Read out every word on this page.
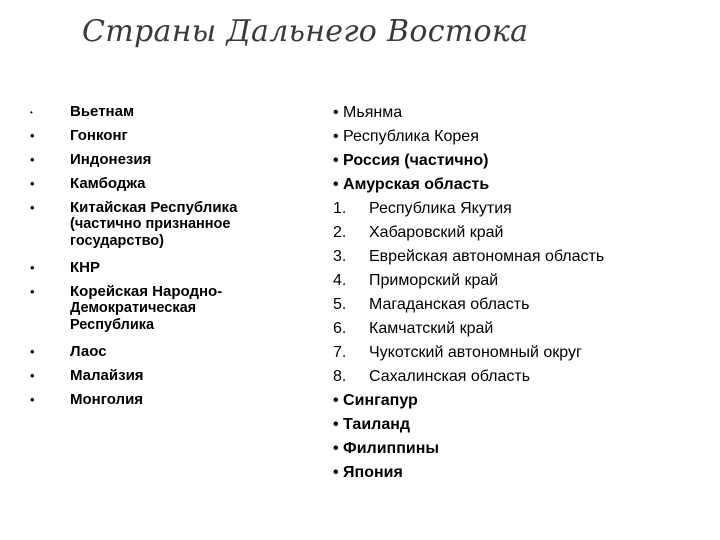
Страны Дальнего Востока
• Вьетнам
• Гонконг
• Индонезия
• Камбоджа
• Китайская Республика
(частично признанное
государство)
• КНР
• Корейская Народно-
Демократическая
Республика
• Лаос
• Малайзия
• Монголия
• Мьянма
• Республика Корея
• Россия (частично)
• Амурская область
1. Республика Якутия
2. Хабаровский край
3. Еврейская автономная область
4. Приморский край
5. Магаданская область
6. Камчатский край
7. Чукотский автономный округ
8. Сахалинская область
• Сингапур
• Таиланд
• Филиппины
• Япония
